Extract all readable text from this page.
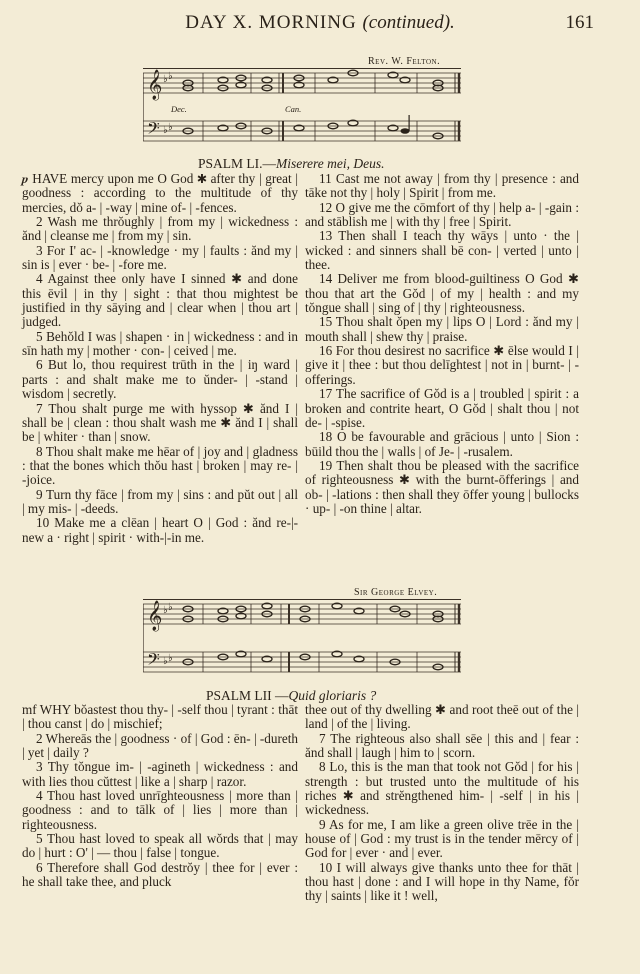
DAY X. MORNING (continued).	161
Rev. W. Felton.
𝄞
𝄢
♭ ♭
♭ ♭
Dec.	Can.
PSALM LI.—Miserere mei, Deus.

𝆏 HAVE mercy upon me O God ✱ after thy | great | goodness : according to the multitude of thy mercies, dŏ a- | -way | mine of- | -fences.

2 Wash me thrŏughly | from my | wickedness : ănd | cleanse me | from my | sin.

3 For I' ac- | -knowledge · my | faults : ănd my | sin is | ever · be- | -fore me.

4 Against thee only have I sinned ✱ and done this ēvil | in thy | sight : that thou mightest be justified in thy sāying and | clear when | thou art | judged.

5 Behŏld I was | shapen · in | wickedness : and in sīn hath my | mother · con- | ceived | me.

6 But lo, thou requirest trūth in the | iŋ ward | parts : and shalt make me to ŭnder- | -stand | wisdom | secretly.

7 Thou shalt purge me with hyssop ✱ ănd I | shall be | clean : thou shalt wash me ✱ ănd I | shall be | whiter · than | snow.

8 Thou shalt make me hēar of | joy and | gladness : that the bones which thŏu hast | broken | may re- | -joice.

9 Turn thy fāce | from my | sins : and pŭt out | all | my mis- | -deeds.

10 Make me a clēan | heart O | God : ănd re-|-new a · right | spirit · with-|-in me.

11 Cast me not away | from thy | presence : and tāke not thy | holy | Spirit | from me.

12 O give me the cōmfort of thy | help a- | -gain : and stāblish me | with thy | free | Spirit.

13 Then shall I teach thy wāys | unto · the | wicked : and sinners shall bē con- | verted | unto | thee.

14 Deliver me from blood-guiltiness O God ✱ thou that art the Gŏd | of my | health : and my tŏngue shall | sing of | thy | righteousness.

15 Thou shalt ŏpen my | lips O | Lord : ănd my | mouth shall | shew thy | praise.

16 For thou desirest no sacrifice ✱ ēlse would I | give it | thee : but thou delīghtest | not in | burnt- | -offerings.

17 The sacrifice of Gŏd is a | troubled | spirit : a broken and contrite heart, O Gŏd | shalt thou | not de- | -spise.

18 O be favourable and grācious | unto | Sion : būild thou the | walls | of Je- | -rusalem.

19 Then shalt thou be pleased with the sacrifice of righteousness ✱ with the burnt-ōfferings | and ob- | -lations : then shall they ōffer young | bullocks · up- | -on thine | altar.

Sir George Elvey.
𝄞
𝄢
♭ ♭
♭ ♭
PSALM LII —Quid gloriaris ?

mf WHY bŏastest thou thy- | -self thou | tyrant : thāt | thou canst | do | mischief;

2 Whereās the | goodness · of | God : ēn- | -dureth | yet | daily ?

3 Thy tŏngue im- | -agineth | wickedness : and with lies thou cŭttest | like a | sharp | razor.

4 Thou hast loved unrīghteousness | more than | goodness : and to tālk of | lies | more than | righteousness.

5 Thou hast loved to speak all wŏrds that | may do | hurt : O' | — thou | false | tongue.

6 Therefore shall God destrŏy | thee for | ever : he shall take thee, and pluck

thee out of thy dwelling ✱ and root theē out of the | land | of the | living.

7 The righteous also shall sēe | this and | fear : ănd shall | laugh | him to | scorn.

8 Lo, this is the man that took not Gŏd | for his | strength : but trusted unto the multitude of his riches ✱ and strĕngthened him- | -self | in his | wickedness.

9 As for me, I am like a green olive trēe in the | house of | God : my trust is in the tender mērcy of | God for | ever · and | ever.

10 I will always give thanks unto thee for thāt | thou hast | done : and I will hope in thy Name, fŏr thy | saints | like it ! well,
